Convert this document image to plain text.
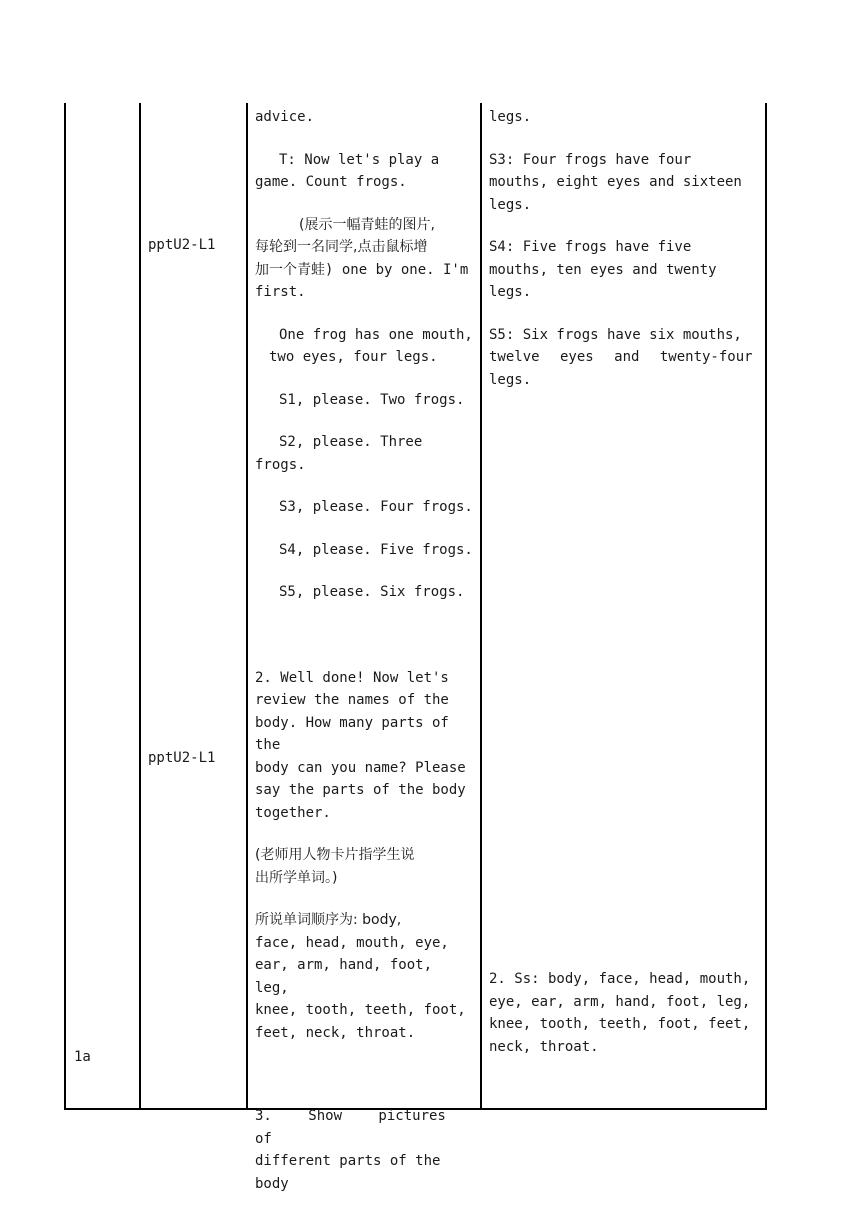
1a
pptU2-L1
pptU2-L1

advice.

T: Now let's play a

game. Count frogs.

(展示一幅青蛙的图片,

每轮到一名同学,点击鼠标增

加一个青蛙) one by one. I'm

first.

One frog has one mouth,

two eyes, four legs.

S1, please. Two frogs.

S2, please. Three

frogs.

S3, please. Four frogs.

S4, please. Five frogs.

S5, please. Six frogs.

2. Well done! Now let's

review the names of the

body. How many parts of the

body can you name? Please

say the parts of the body

together.

(老师用人物卡片指学生说

出所学单词。)

所说单词顺序为: body,

face, head, mouth, eye,

ear, arm, hand, foot, leg,

knee, tooth, teeth, foot,

feet, neck, throat.

3. Show pictures of

different parts of the body

legs.

S3: Four frogs have four

mouths, eight eyes and sixteen

legs.

S4: Five frogs have five

mouths, ten eyes and twenty

legs.

S5: Six frogs have six mouths,

twelve eyes and twenty-four

legs.

2. Ss: body, face, head, mouth,

eye, ear, arm, hand, foot, leg,

knee, tooth, teeth, foot, feet,

neck, throat.
